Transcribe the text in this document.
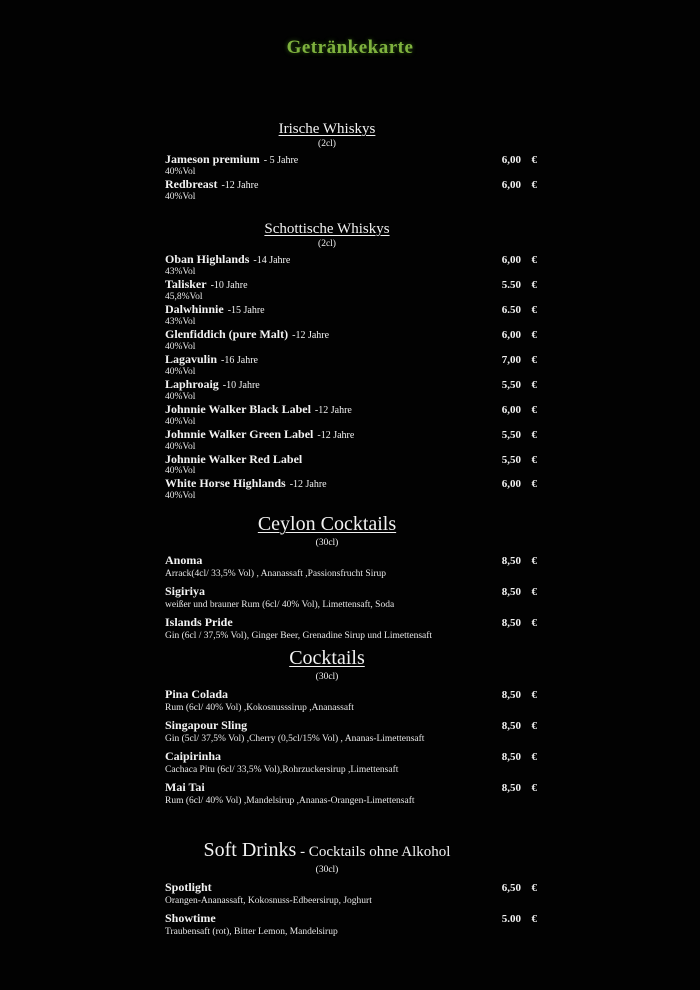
Getränkekarte
Irische Whiskys
(2cl)
Jameson premium - 5 Jahre	6,00 €
40%Vol
Redbreast -12 Jahre	6,00 €
40%Vol
Schottische Whiskys
(2cl)
Oban Highlands -14 Jahre	6,00 €
43%Vol
Talisker -10 Jahre	5.50 €
45,8%Vol
Dalwhinnie -15 Jahre	6.50 €
43%Vol
Glenfiddich (pure Malt) -12 Jahre	6,00 €
40%Vol
Lagavulin -16 Jahre	7,00 €
40%Vol
Laphroaig -10 Jahre	5,50 €
40%Vol
Johnnie Walker Black Label -12 Jahre	6,00 €
40%Vol
Johnnie Walker Green Label -12 Jahre	5,50 €
40%Vol
Johnnie Walker Red Label	5,50 €
40%Vol
White Horse Highlands -12 Jahre	6,00 €
40%Vol
Ceylon Cocktails
(30cl)
Anoma	8,50 €
Arrack(4cl/ 33,5% Vol) , Ananassaft ,Passionsfrucht Sirup
Sigiriya	8,50 €
weißer und brauner Rum (6cl/ 40% Vol), Limettensaft, Soda
Islands Pride	8,50 €
Gin (6cl / 37,5% Vol), Ginger Beer, Grenadine Sirup und Limettensaft
Cocktails
(30cl)
Pina Colada	8,50 €
Rum (6cl/ 40% Vol) ,Kokosnusssirup ,Ananassaft
Singapour Sling	8,50 €
Gin (5cl/ 37,5% Vol) ,Cherry (0,5cl/15% Vol) , Ananas-Limettensaft
Caipirinha	8,50 €
Cachaca Pitu (6cl/ 33,5% Vol),Rohrzuckersirup ,Limettensaft
Mai Tai	8,50 €
Rum (6cl/ 40% Vol) ,Mandelsirup ,Ananas-Orangen-Limettensaft
Soft Drinks - Cocktails ohne Alkohol
(30cl)
Spotlight	6,50 €
Orangen-Ananassaft, Kokosnuss-Edbeersirup, Joghurt
Showtime	5.00 €
Traubensaft (rot), Bitter Lemon, Mandelsirup
